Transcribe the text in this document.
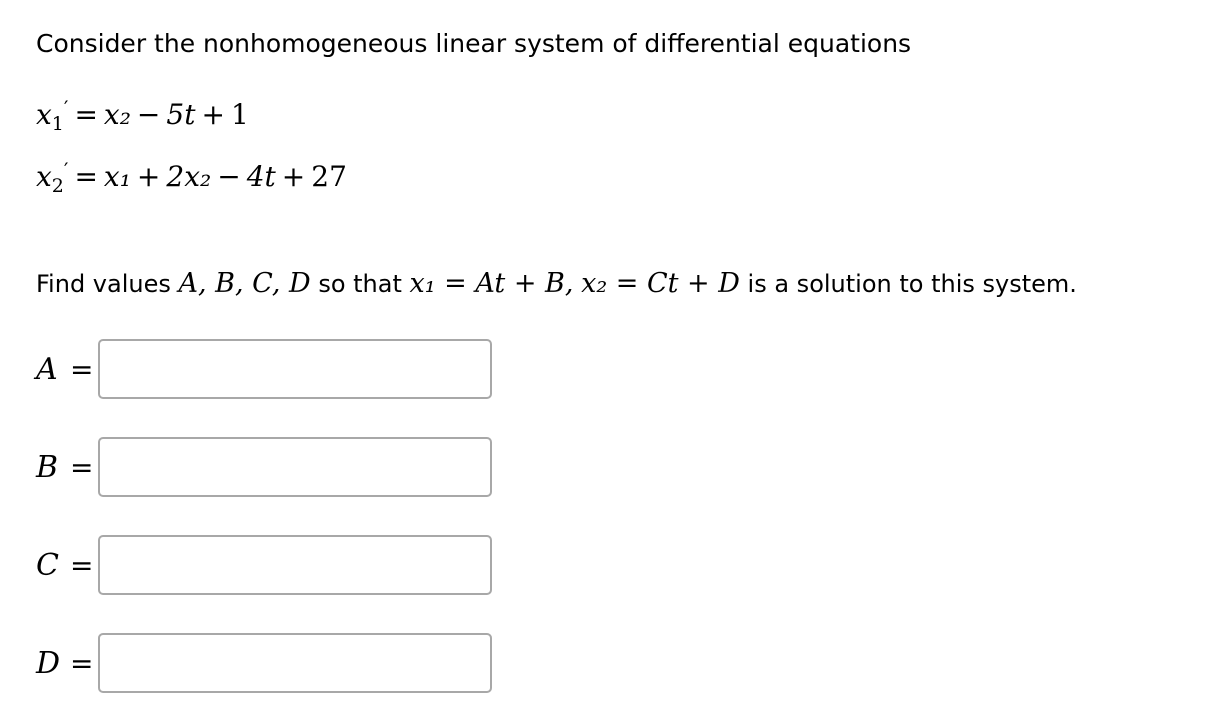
Consider the nonhomogeneous linear system of differential equations
$x_1' = x_2 - 5t + 1$
$x_2' = x_1 + 2x_2 - 4t + 27$
Find values A, B, C, D so that x₁ = At + B, x₂ = Ct + D is a solution to this system.
A =
B =
C =
D =
